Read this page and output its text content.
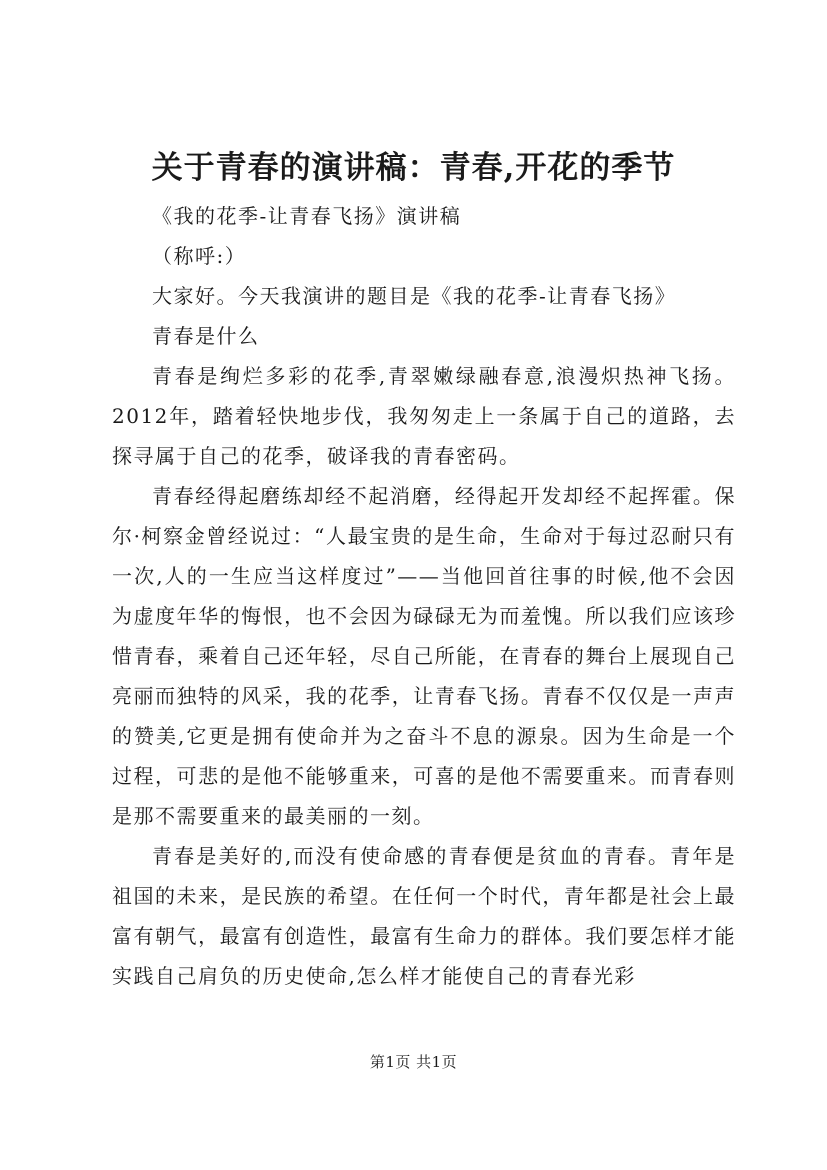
关于青春的演讲稿：青春,开花的季节

《我的花季-让青春飞扬》演讲稿

（称呼:）

大家好。今天我演讲的题目是《我的花季-让青春飞扬》

青春是什么

青春是绚烂多彩的花季,青翠嫩绿融春意,浪漫炽热神飞扬。2012年，踏着轻快地步伐，我匆匆走上一条属于自己的道路，去探寻属于自己的花季，破译我的青春密码。

青春经得起磨练却经不起消磨，经得起开发却经不起挥霍。保尔·柯察金曾经说过：“人最宝贵的是生命，生命对于每过忍耐只有一次,人的一生应当这样度过”——当他回首往事的时候,他不会因为虚度年华的悔恨，也不会因为碌碌无为而羞愧。所以我们应该珍惜青春，乘着自己还年轻，尽自己所能，在青春的舞台上展现自己亮丽而独特的风采，我的花季，让青春飞扬。青春不仅仅是一声声的赞美,它更是拥有使命并为之奋斗不息的源泉。因为生命是一个过程，可悲的是他不能够重来，可喜的是他不需要重来。而青春则是那不需要重来的最美丽的一刻。

青春是美好的,而没有使命感的青春便是贫血的青春。青年是祖国的未来，是民族的希望。在任何一个时代，青年都是社会上最富有朝气，最富有创造性，最富有生命力的群体。我们要怎样才能实践自己肩负的历史使命,怎么样才能使自己的青春光彩

第1页 共1页
